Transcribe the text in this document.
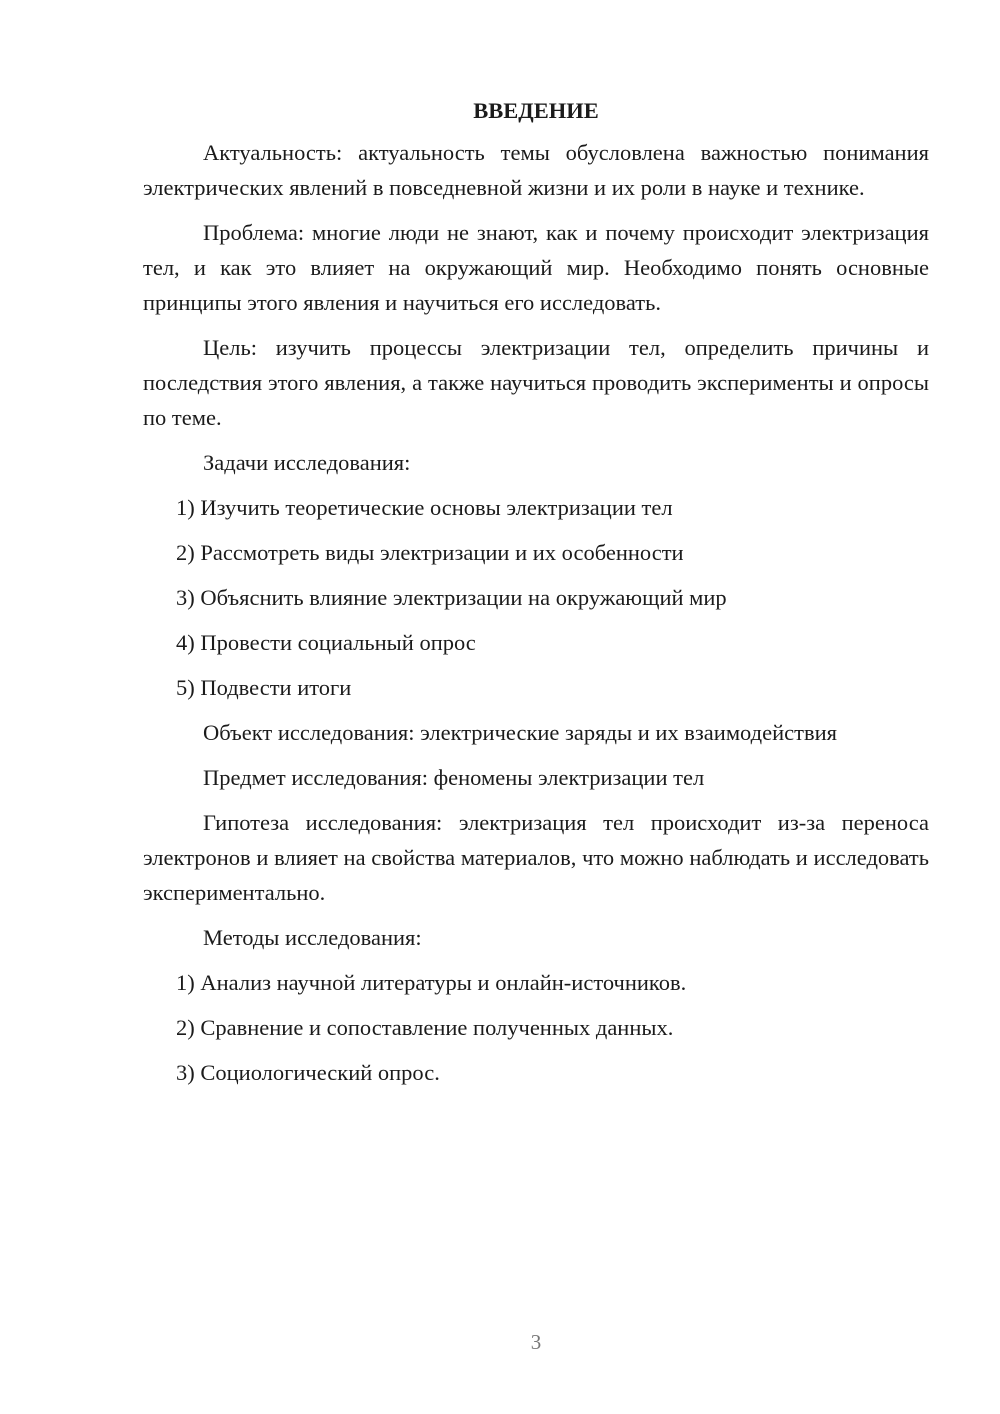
ВВЕДЕНИЕ

Актуальность: актуальность темы обусловлена важностью понимания электрических явлений в повседневной жизни и их роли в науке и технике.

Проблема: многие люди не знают, как и почему происходит электризация тел, и как это влияет на окружающий мир. Необходимо понять основные принципы этого явления и научиться его исследовать.

Цель: изучить процессы электризации тел, определить причины и последствия этого явления, а также научиться проводить эксперименты и опросы по теме.

Задачи исследования:

1) Изучить теоретические основы электризации тел

2) Рассмотреть виды электризации и их особенности

3) Объяснить влияние электризации на окружающий мир

4) Провести социальный опрос

5) Подвести итоги

Объект исследования: электрические заряды и их взаимодействия

Предмет исследования: феномены электризации тел

Гипотеза исследования: электризация тел происходит из-за переноса электронов и влияет на свойства материалов, что можно наблюдать и исследовать экспериментально.

Методы исследования:

1) Анализ научной литературы и онлайн-источников.

2) Сравнение и сопоставление полученных данных.

3) Социологический опрос.

3
